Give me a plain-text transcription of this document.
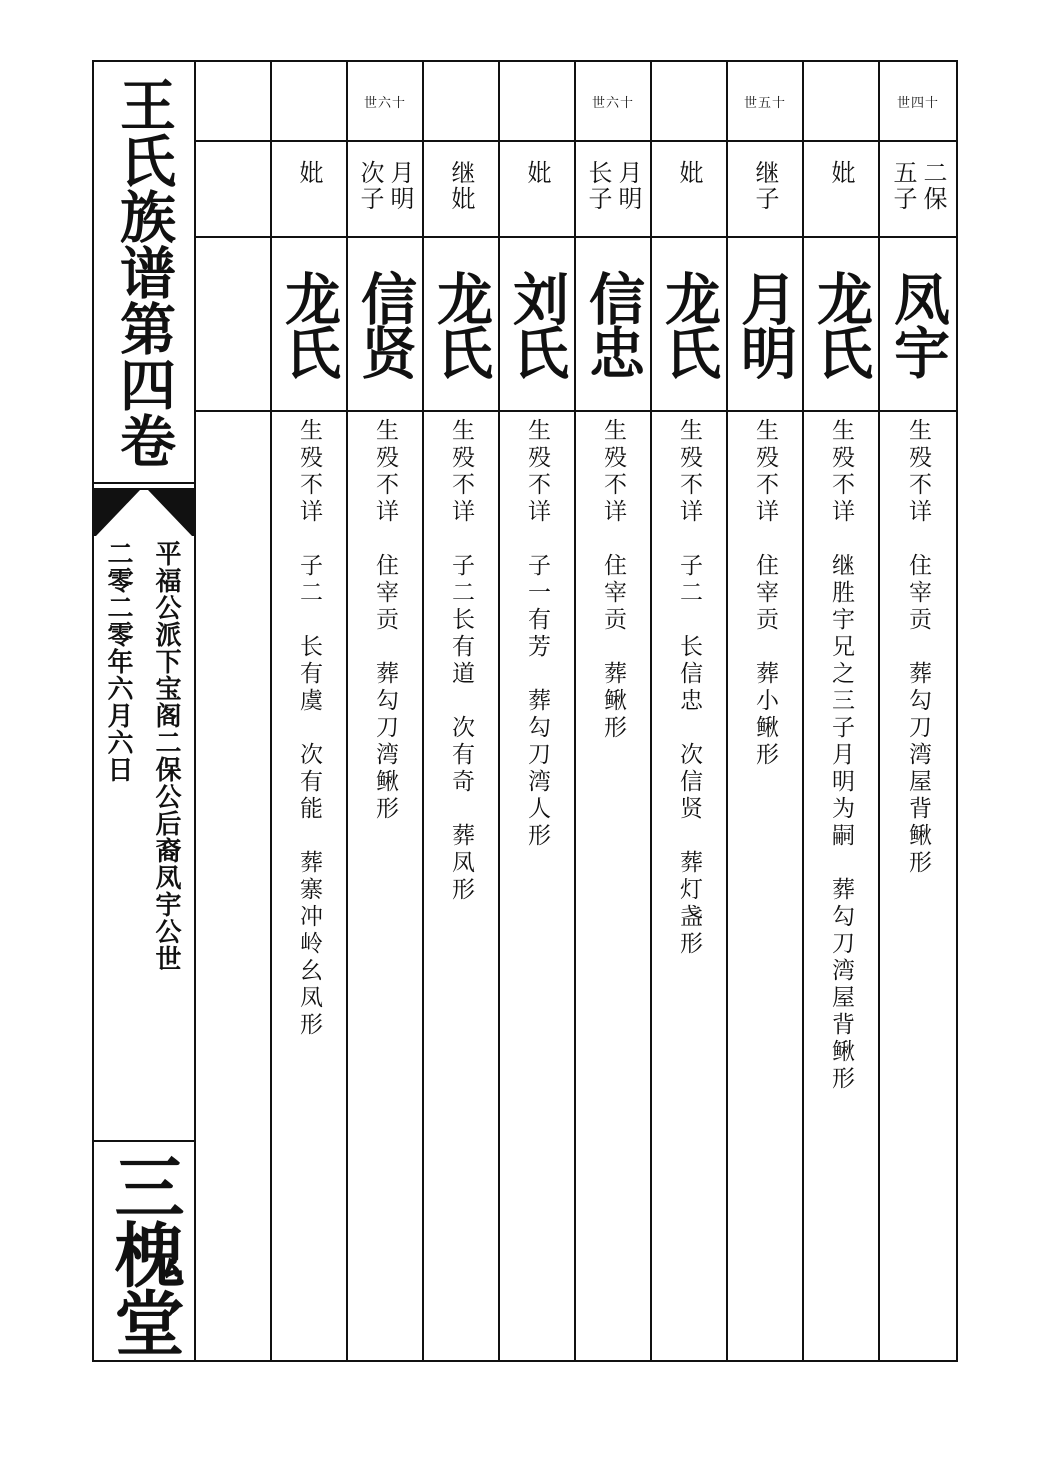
王氏族谱第四卷
平福公派下宝阁二保公后裔凤宇公世
二零二零年六月六日
三槐堂
世四十
二保
五子
凤宇
生殁不详　住宰贡　葬勾刀湾屋背鳅形
妣
龙氏
生殁不详　继胜宇兄之三子月明为嗣　葬勾刀湾屋背鳅形
世五十
继子
月明
生殁不详　住宰贡　葬小鳅形
妣
龙氏
生殁不详　子二　长信忠　次信贤　葬灯盏形
世六十
月明
长子
信忠
生殁不详　住宰贡　葬鳅形
妣
刘氏
生殁不详　子一有芳　葬勾刀湾人形
继妣
龙氏
生殁不详　子二长有道　次有奇　葬凤形
世六十
月明
次子
信贤
生殁不详　住宰贡　葬勾刀湾鳅形
妣
龙氏
生殁不详　子二　长有虞　次有能　葬寨冲岭幺凤形
